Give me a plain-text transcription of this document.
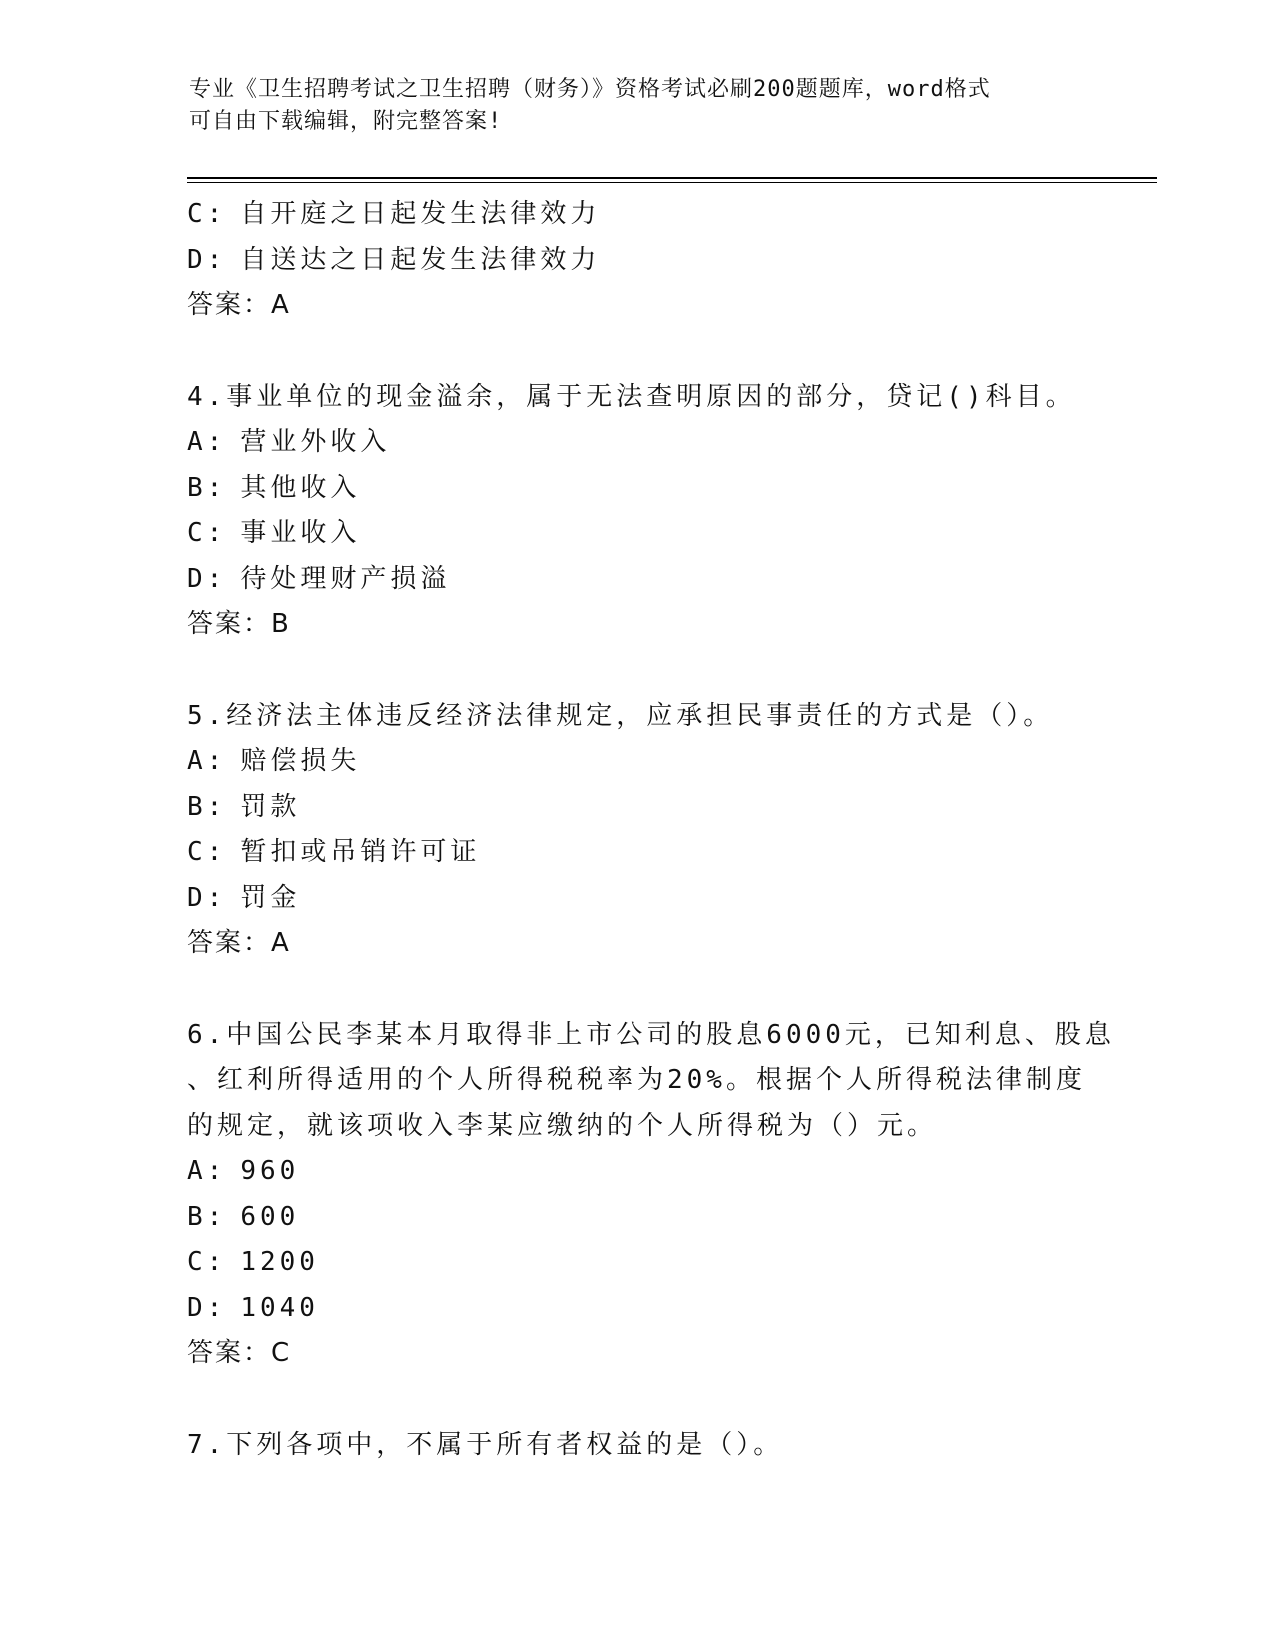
专业《卫生招聘考试之卫生招聘（财务）》资格考试必刷200题题库，word格式
可自由下载编辑，附完整答案!
C: 自开庭之日起发生法律效力
D: 自送达之日起发生法律效力
答案：A
4.事业单位的现金溢余，属于无法查明原因的部分，贷记()科目。
A: 营业外收入
B: 其他收入
C: 事业收入
D: 待处理财产损溢
答案：B
5.经济法主体违反经济法律规定，应承担民事责任的方式是（）。
A: 赔偿损失
B: 罚款
C: 暂扣或吊销许可证
D: 罚金
答案：A
6.中国公民李某本月取得非上市公司的股息6000元，已知利息、股息
、红利所得适用的个人所得税税率为20%。根据个人所得税法律制度
的规定，就该项收入李某应缴纳的个人所得税为（）元。
A: 960
B: 600
C: 1200
D: 1040
答案：C
7.下列各项中，不属于所有者权益的是（）。
